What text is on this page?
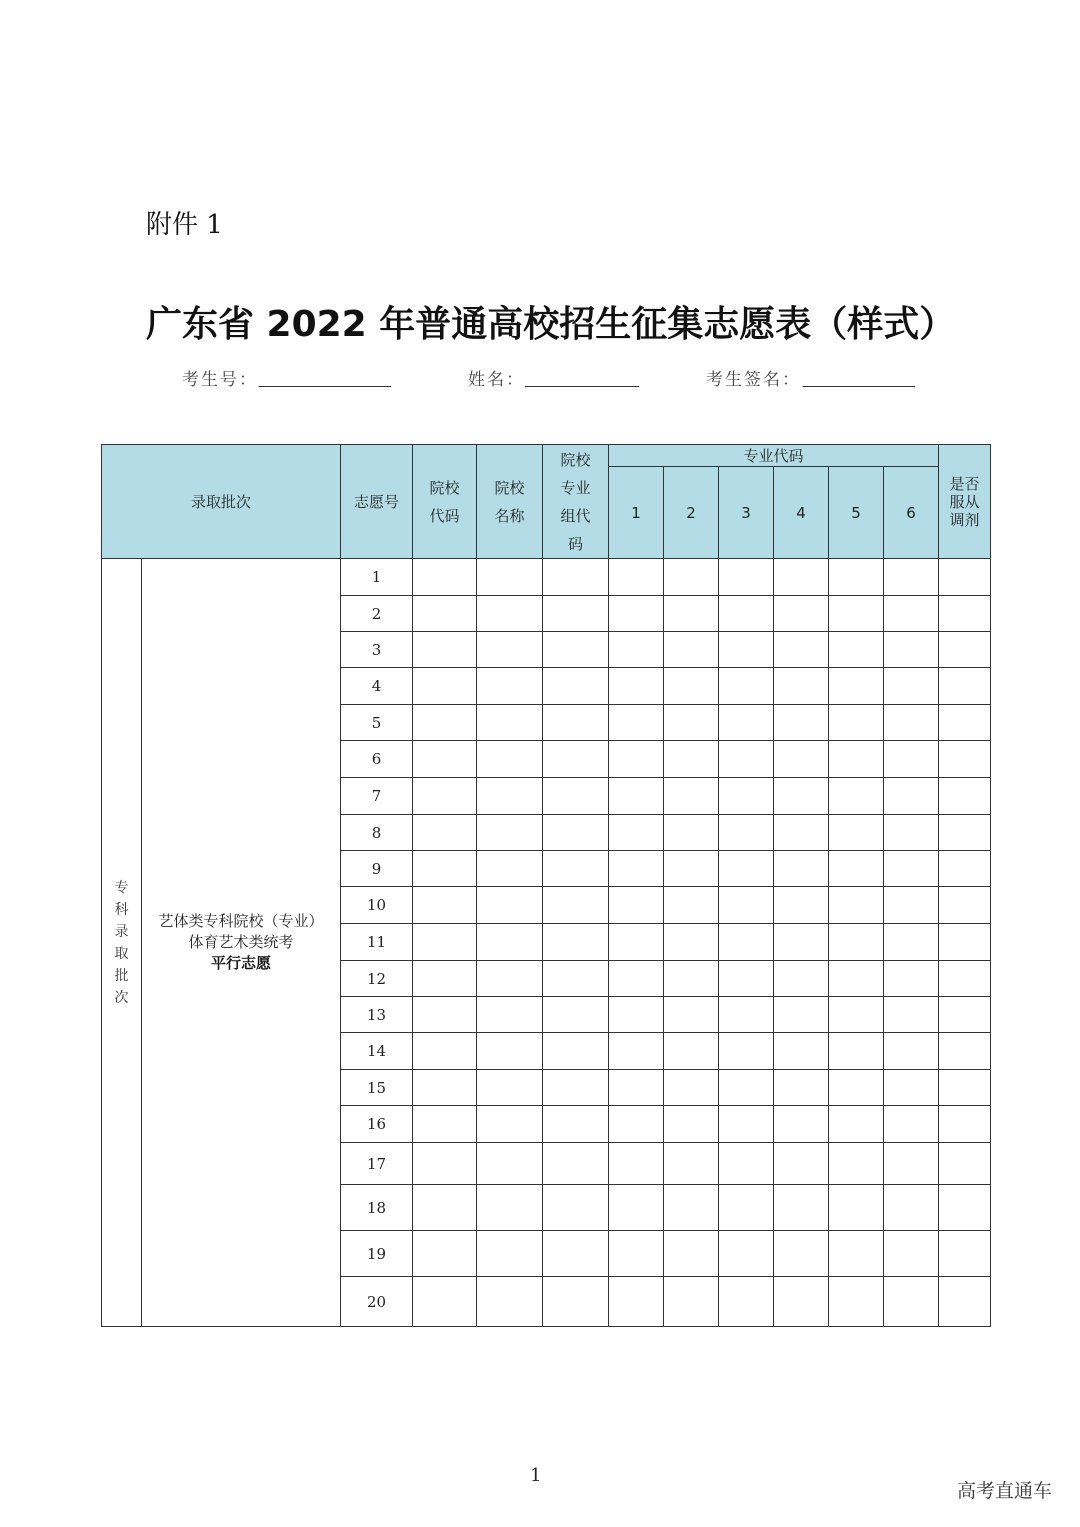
附件 1
广东省 2022 年普通高校招生征集志愿表（样式）
考生号：	姓名：	考生签名：
录取批次		志愿号	院校代码	院校名称	院校专业组代码	专业代码						是否服从调剂

						1	2	3	4	5	6	
专科录取批次	艺体类专科院校（专业）
体育艺术类统考
平行志愿	1										
		2										
		3										
		4										
		5										
		6										
		7										
		8										
		9										
		10										
		11										
		12										
		13										
		14										
		15										
		16										
		17										
		18										
		19										
		20										
1
高考直通车
